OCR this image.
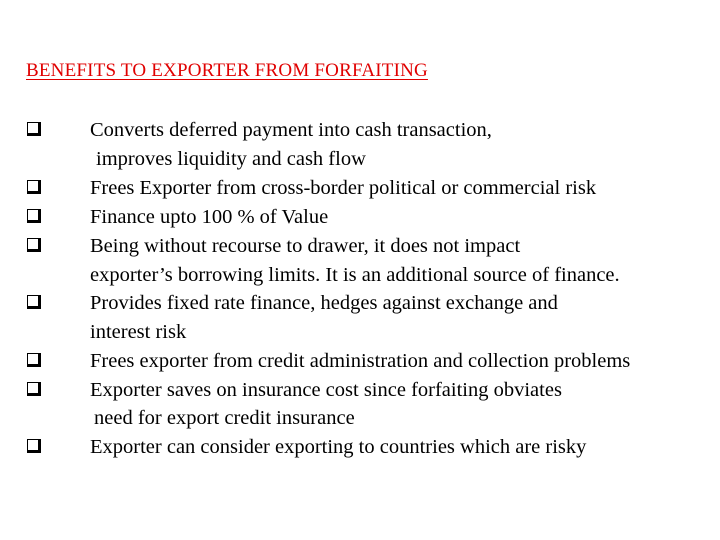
BENEFITS TO EXPORTER FROM FORFAITING
Converts deferred payment into cash transaction,
improves liquidity and cash flow
Frees Exporter from cross-border political or commercial risk
Finance upto 100 % of Value
Being without recourse to drawer, it does not impact
exporter’s borrowing limits. It is an additional source of finance.
Provides fixed rate finance, hedges against exchange and
interest risk
Frees exporter from credit administration and collection problems
Exporter saves on insurance cost since forfaiting obviates
need for export credit insurance
Exporter can consider exporting to countries which are risky
